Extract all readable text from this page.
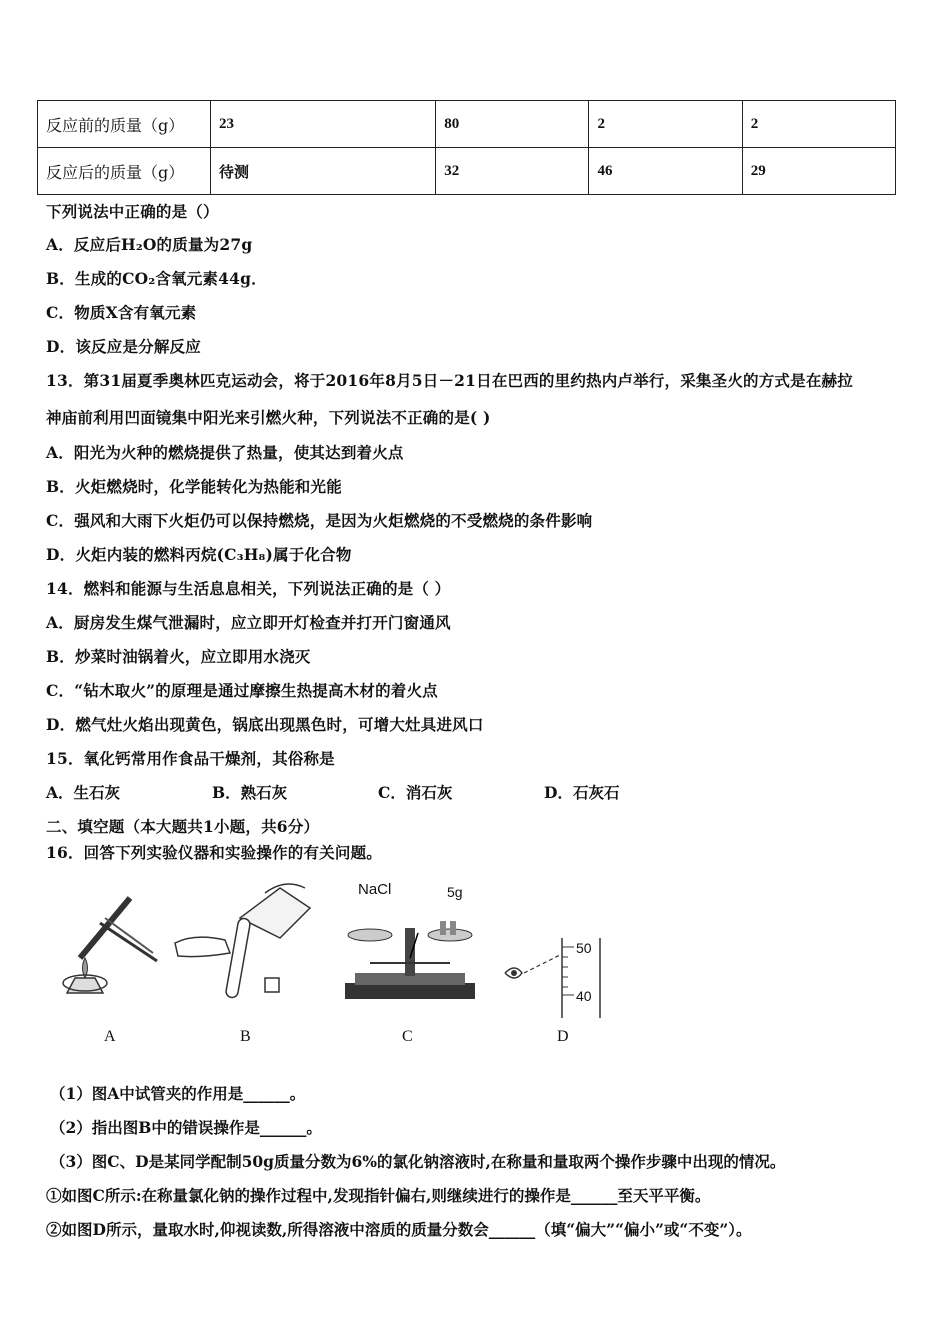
反应前的质量（g）	23	80	2	2
反应后的质量（g）	待测	32	46	29
下列说法中正确的是（）
A．反应后H₂O的质量为27g
B．生成的CO₂含氧元素44g．
C．物质X含有氧元素
D．该反应是分解反应
13．第31届夏季奥林匹克运动会，将于2016年8月5日－21日在巴西的里约热内卢举行，采集圣火的方式是在赫拉
神庙前利用凹面镜集中阳光来引燃火种，下列说法不正确的是( )
A．阳光为火种的燃烧提供了热量，使其达到着火点
B．火炬燃烧时，化学能转化为热能和光能
C．强风和大雨下火炬仍可以保持燃烧，是因为火炬燃烧的不受燃烧的条件影响
D．火炬内装的燃料丙烷(C₃H₈)属于化合物
14．燃料和能源与生活息息相关，下列说法正确的是（ ）
A．厨房发生煤气泄漏时，应立即开灯检查并打开门窗通风
B．炒菜时油锅着火，应立即用水浇灭
C．“钻木取火”的原理是通过摩擦生热提高木材的着火点
D．燃气灶火焰出现黄色，锅底出现黑色时，可增大灶具进风口
15．氧化钙常用作食品干燥剂，其俗称是
A．生石灰	B．熟石灰	C．消石灰	D．石灰石
二、填空题（本大题共1小题，共6分）
16．回答下列实验仪器和实验操作的有关问题。
NaCl	5g
50
40
A	B	C	D
（1）图A中试管夹的作用是______。
（2）指出图B中的错误操作是______。
（3）图C、D是某同学配制50g质量分数为6%的氯化钠溶液时,在称量和量取两个操作步骤中出现的情况。
①如图C所示:在称量氯化钠的操作过程中,发现指针偏右,则继续进行的操作是______至天平平衡。
②如图D所示，量取水时,仰视读数,所得溶液中溶质的质量分数会______（填“偏大”“偏小”或“不变”）。
